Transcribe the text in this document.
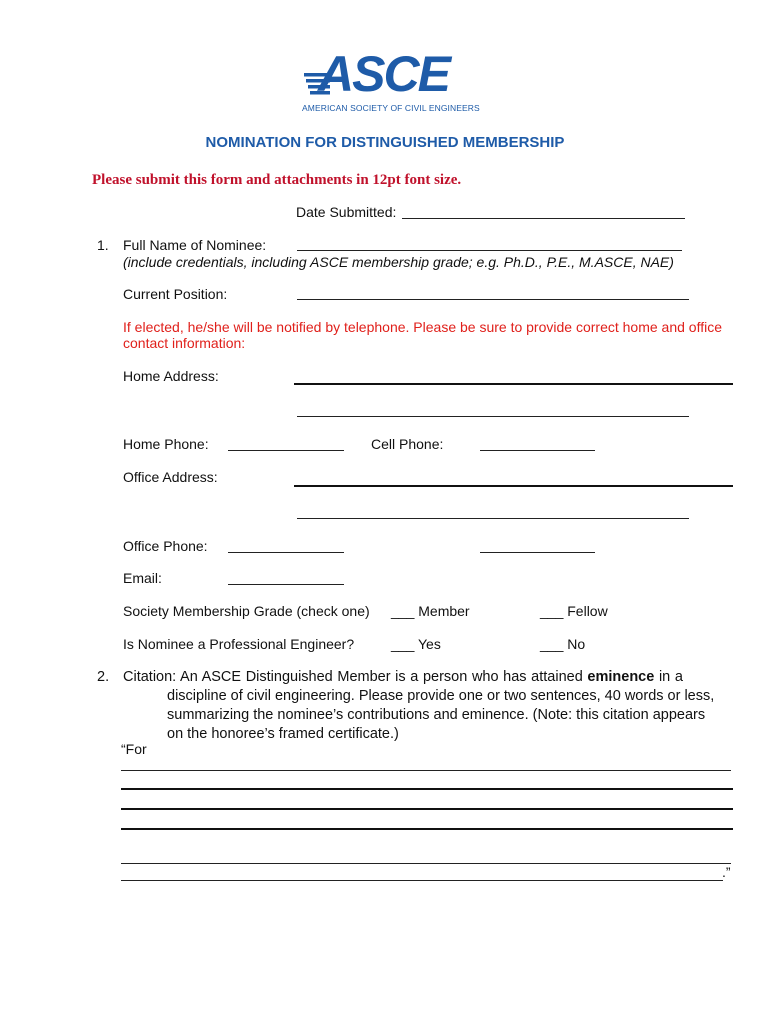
ASCE
AMERICAN SOCIETY OF CIVIL ENGINEERS
NOMINATION FOR DISTINGUISHED MEMBERSHIP
Please submit this form and attachments in 12pt font size.
Date Submitted:
1. Full Name of Nominee:
(include credentials, including ASCE membership grade; e.g. Ph.D., P.E., M.ASCE, NAE)
Current Position:
If elected, he/she will be notified by telephone. Please be sure to provide correct home and office
contact information:
Home Address:
Home Phone:	Cell Phone:
Office Address:
Office Phone:
Email:
Society Membership Grade (check one) ___ Member	___ Fellow
Is Nominee a Professional Engineer?	___ Yes	___ No
2. Citation: An ASCE Distinguished Member is a person who has attained eminence in a
discipline of civil engineering. Please provide one or two sentences, 40 words or less,
summarizing the nominee’s contributions and eminence. (Note: this citation appears
on the honoree’s framed certificate.)
“For
.”
